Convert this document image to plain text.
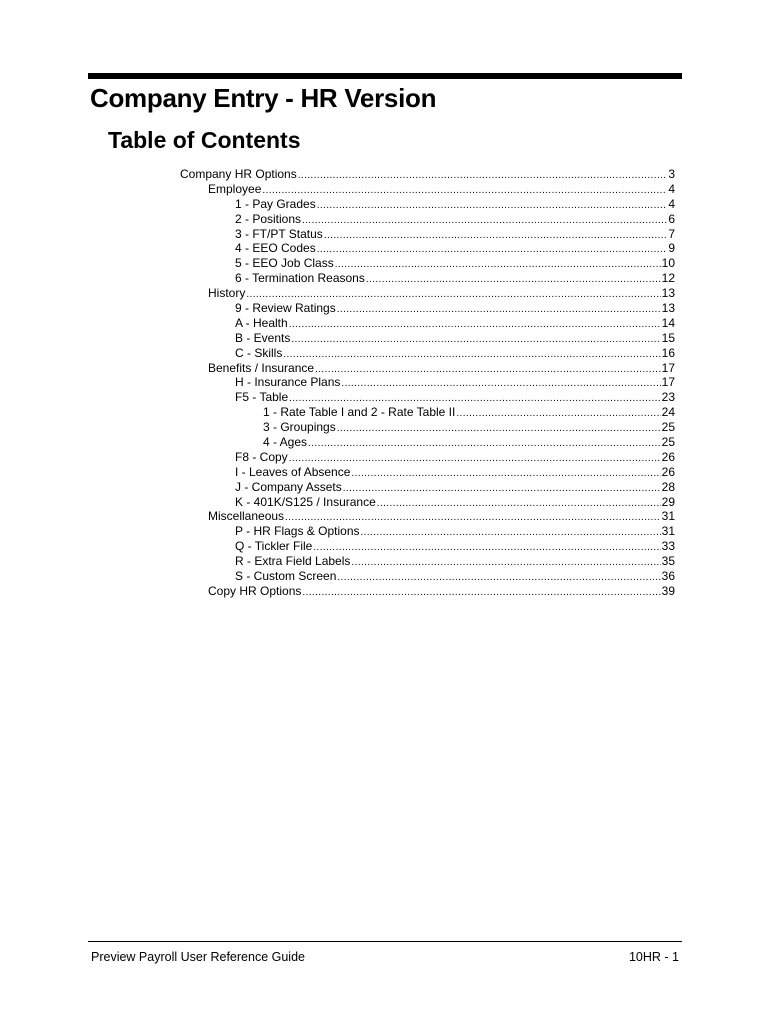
Company Entry - HR Version
Table of Contents
Company HR Options .....	3
Employee .....	4
1 - Pay Grades .....	4
2 - Positions .....	6
3 - FT/PT Status .....	7
4 - EEO Codes .....	9
5 - EEO Job Class .....	10
6 - Termination Reasons .....	12
History .....	13
9 - Review Ratings .....	13
A - Health .....	14
B - Events .....	15
C - Skills .....	16
Benefits / Insurance .....	17
H - Insurance Plans .....	17
F5 - Table .....	23
1 - Rate Table I and 2 - Rate Table II .....	24
3 - Groupings .....	25
4 - Ages .....	25
F8 - Copy .....	26
I - Leaves of Absence .....	26
J - Company Assets .....	28
K - 401K/S125 / Insurance .....	29
Miscellaneous .....	31
P - HR Flags & Options .....	31
Q - Tickler File .....	33
R - Extra Field Labels .....	35
S - Custom Screen .....	36
Copy HR Options .....	39
Preview Payroll User Reference Guide	10HR - 1
